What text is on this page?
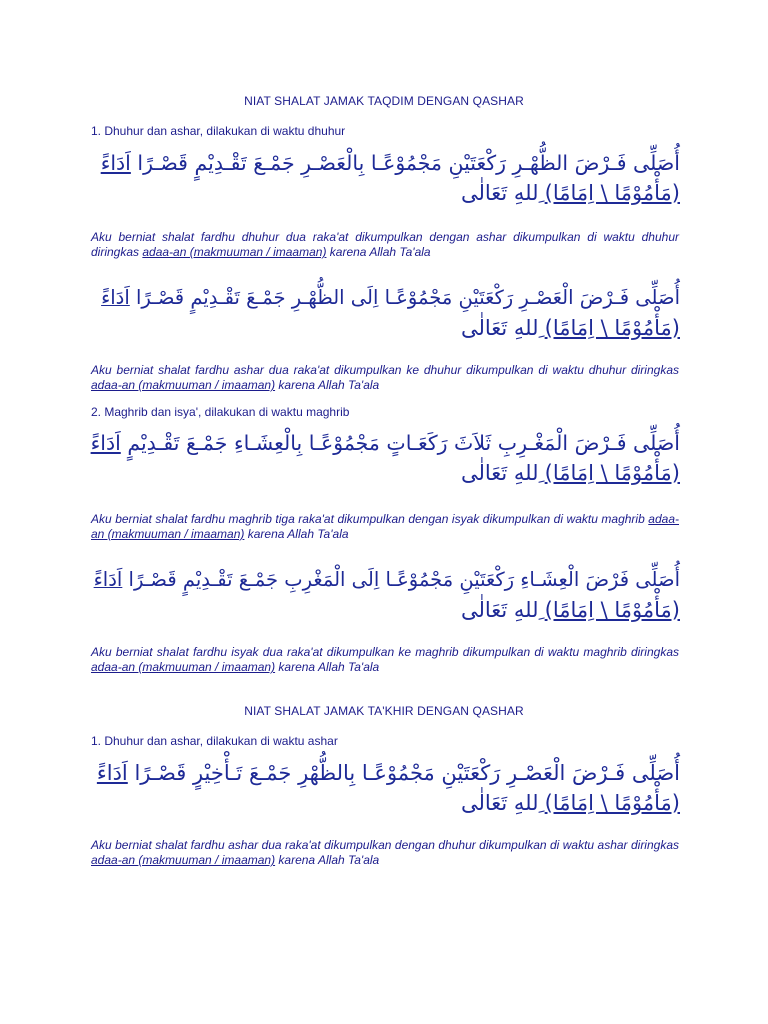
NIAT SHALAT JAMAK TAQDIM DENGAN QASHAR
1. Dhuhur dan ashar, dilakukan di waktu dhuhur
أُصَلِّى فَـرْضَ الظُّهْـرِ رَكْعَتَيْنِ مَجْمُوْعًـا بِالْعَصْـرِ جَمْـعَ تَقْـدِيْمٍ قَصْـرًا اَدَاءً
(مَأْمُوْمًا \ اِمَامًا) ِللهِ تَعَالٰى
Aku berniat shalat fardhu dhuhur dua raka'at dikumpulkan dengan ashar dikumpulkan di waktu dhuhur diringkas adaa-an (makmuuman / imaaman) karena Allah Ta'ala
أُصَلِّى فَـرْضَ الْعَصْـرِ رَكْعَتَيْنِ مَجْمُوْعًـا اِلَى الظُّهْـرِ جَمْـعَ تَقْـدِيْمٍ قَصْـرًا اَدَاءً
(مَأْمُوْمًا \ اِمَامًا) ِللهِ تَعَالٰى
Aku berniat shalat fardhu ashar dua raka'at dikumpulkan ke dhuhur dikumpulkan di waktu dhuhur diringkas adaa-an (makmuuman / imaaman) karena Allah Ta'ala
2. Maghrib dan isya', dilakukan di waktu maghrib
أُصَلِّى فَـرْضَ الْمَغْـرِبِ ثَلاَثَ رَكَعَـاتٍ مَجْمُوْعًـا بِالْعِشَـاءِ جَمْـعَ تَقْـدِيْمٍ اَدَاءً
(مَأْمُوْمًا \ اِمَامًا) ِللهِ تَعَالٰى
Aku berniat shalat fardhu maghrib tiga raka'at dikumpulkan dengan isyak dikumpulkan di waktu maghrib adaa-an (makmuuman / imaaman) karena Allah Ta'ala
أُصَلِّى فَرْضَ الْعِشَـاءِ رَكْعَتَيْنِ مَجْمُوْعًـا اِلَى الْمَغْرِبِ جَمْـعَ تَقْـدِيْمٍ قَصْـرًا اَدَاءً
(مَأْمُوْمًا \ اِمَامًا) ِللهِ تَعَالٰى
Aku berniat shalat fardhu isyak dua raka'at dikumpulkan ke maghrib dikumpulkan di waktu maghrib diringkas adaa-an (makmuuman / imaaman) karena Allah Ta'ala
NIAT SHALAT JAMAK TA'KHIR DENGAN QASHAR
1. Dhuhur dan ashar, dilakukan di waktu ashar
أُصَلِّى فَـرْضَ الْعَصْـرِ رَكْعَتَيْنِ مَجْمُوْعًـا بِالظُّهْرِ جَمْـعَ تَـأْخِيْرٍ قَصْـرًا اَدَاءً
(مَأْمُوْمًا \ اِمَامًا) ِللهِ تَعَالٰى
Aku berniat shalat fardhu ashar dua raka'at dikumpulkan dengan dhuhur dikumpulkan di waktu ashar diringkas adaa-an (makmuuman / imaaman) karena Allah Ta'ala
